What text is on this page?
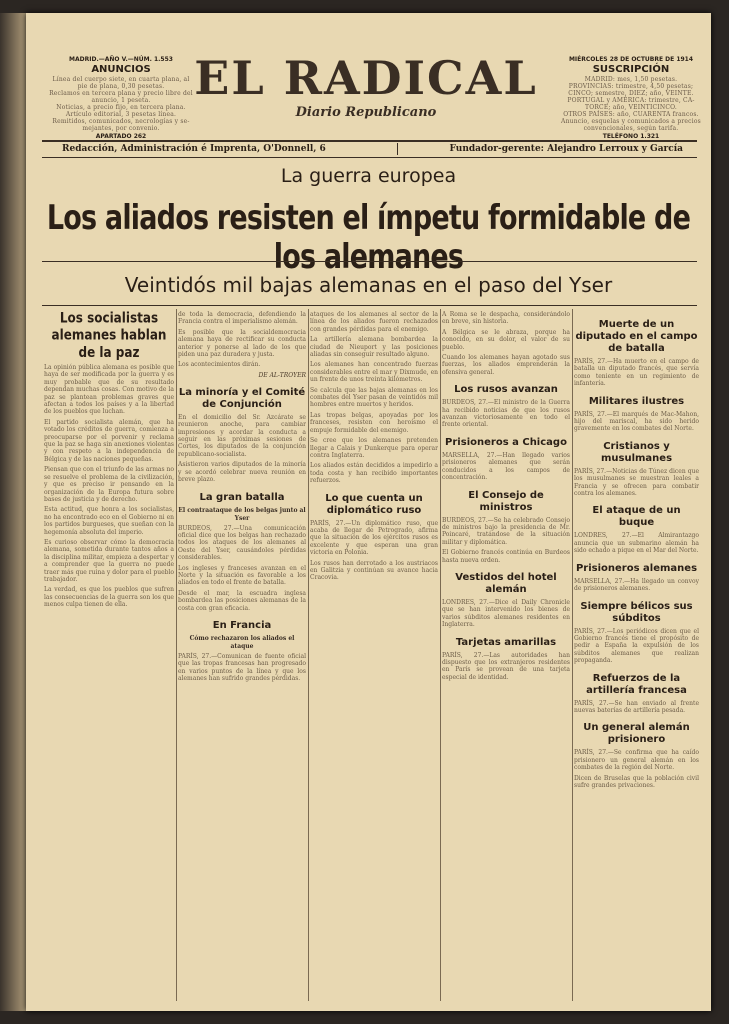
MADRID.—AÑO V.—NÚM. 1.553
ANUNCIOS
Línea del cuerpo siete, en cuarta plana, al
pie de plana, 0,30 pesetas.
Reclamos en tercera plana y precio libre del
anuncio, 1 peseta.
Noticias, a precio fijo, en tercera plana.
Artículo editorial, 3 pesetas línea.
Remitidos, comunicados, necrologías y se-
mejantes, por convenio.
APARTADO 262
EL RADICAL
Diario Republicano
MIÉRCOLES 28 DE OCTUBRE DE 1914
SUSCRIPCIÓN
MADRID: mes, 1,50 pesetas.
PROVINCIAS: trimestre, 4,50 pesetas;
CINCO; semestre, DIEZ; año, VEINTE.
PORTUGAL y AMÉRICA: trimestre, CA-
TORCE; año, VEINTICINCO.
OTROS PAÍSES: año, CUARENTA francos.
Anuncio, esquelas y comunicados a precios
convencionales, según tarifa.
TELÉFONO 1.321
Redacción, Administración é Imprenta, O'Donnell, 6	Fundador-gerente: Alejandro Lerroux y García
La guerra europea
Los aliados resisten el ímpetu formidable de los alemanes
Veintidós mil bajas alemanas en el paso del Yser
Los socialistas alemanes hablan de la paz

La opinión pública alemana es posible que haya de ser modificada por la guerra y es muy probable que de su resultado dependan muchas cosas. Con motivo de la paz se plantean problemas graves que afectan a todos los países y a la libertad de los pueblos que luchan.

El partido socialista alemán, que ha votado los créditos de guerra, comienza a preocuparse por el porvenir y reclama que la paz se haga sin anexiones violentas y con respeto a la independencia de Bélgica y de las naciones pequeñas.

Piensan que con el triunfo de las armas no se resuelve el problema de la civilización, y que es preciso ir pensando en la organización de la Europa futura sobre bases de justicia y de derecho.

Esta actitud, que honra a los socialistas, no ha encontrado eco en el Gobierno ni en los partidos burgueses, que sueñan con la hegemonía absoluta del imperio.

Es curioso observar cómo la democracia alemana, sometida durante tantos años a la disciplina militar, empieza a despertar y a comprender que la guerra no puede traer más que ruina y dolor para el pueblo trabajador.

La verdad, es que los pueblos que sufren las consecuencias de la guerra son los que menos culpa tienen de ella.

de toda la democracia, defendiendo la Francia contra el imperialismo alemán.

Es posible que la socialdemocracia alemana haya de rectificar su conducta anterior y ponerse al lado de los que piden una paz duradera y justa.

Los acontecimientos dirán.

DE AL-TROYER
La minoría y el Comité de Conjunción

En el domicilio del Sr. Azcárate se reunieron anoche, para cambiar impresiones y acordar la conducta a seguir en las próximas sesiones de Cortes, los diputados de la conjunción republicano-socialista.

Asistieron varios diputados de la minoría y se acordó celebrar nueva reunión en breve plazo.

La gran batalla
El contraataque de los belgas junto al Yser

BURDEOS, 27.—Una comunicación oficial dice que los belgas han rechazado todos los ataques de los alemanes al Oeste del Yser, causándoles pérdidas considerables.

Los ingleses y franceses avanzan en el Norte y la situación es favorable a los aliados en todo el frente de batalla.

Desde el mar, la escuadra inglesa bombardea las posiciones alemanas de la costa con gran eficacia.

En Francia
Cómo rechazaron los aliados el ataque

PARÍS, 27.—Comunican de fuente oficial que las tropas francesas han progresado en varios puntos de la línea y que los alemanes han sufrido grandes pérdidas.

ataques de los alemanes al sector de la línea de los aliados fueron rechazados con grandes pérdidas para el enemigo.

La artillería alemana bombardea la ciudad de Nieuport y las posiciones aliadas sin conseguir resultado alguno.

Los alemanes han concentrado fuerzas considerables entre el mar y Dixmude, en un frente de unos treinta kilómetros.

Se calcula que las bajas alemanas en los combates del Yser pasan de veintidós mil hombres entre muertos y heridos.

Las tropas belgas, apoyadas por los franceses, resisten con heroísmo el empuje formidable del enemigo.

Se cree que los alemanes pretenden llegar a Calais y Dunkerque para operar contra Inglaterra.

Los aliados están decididos a impedirlo a toda costa y han recibido importantes refuerzos.

Lo que cuenta un diplomático ruso

PARÍS, 27.—Un diplomático ruso, que acaba de llegar de Petrogrado, afirma que la situación de los ejércitos rusos es excelente y que esperan una gran victoria en Polonia.

Los rusos han derrotado a los austriacos en Galitzia y continúan su avance hacia Cracovia.

A Roma se le despacha, considerándolo en breve, sin historia.

A Bélgica se le abraza, porque ha conocido, en su dolor, el valor de su pueblo.

Cuando los alemanes hayan agotado sus fuerzas, los aliados emprenderán la ofensiva general.

Los rusos avanzan

BURDEOS, 27.—El ministro de la Guerra ha recibido noticias de que los rusos avanzan victoriosamente en todo el frente oriental.

Prisioneros a Chicago

MARSELLA, 27.—Han llegado varios prisioneros alemanes que serán conducidos a los campos de concentración.

El Consejo de ministros

BURDEOS, 27.—Se ha celebrado Consejo de ministros bajo la presidencia de Mr. Poincaré, tratándose de la situación militar y diplomática.

El Gobierno francés continúa en Burdeos hasta nueva orden.

Vestidos del hotel alemán

LONDRES, 27.—Dice el Daily Chronicle que se han intervenido los bienes de varios súbditos alemanes residentes en Inglaterra.

Tarjetas amarillas

PARÍS, 27.—Las autoridades han dispuesto que los extranjeros residentes en París se provean de una tarjeta especial de identidad.

Muerte de un diputado en el campo de batalla

PARÍS, 27.—Ha muerto en el campo de batalla un diputado francés, que servía como teniente en un regimiento de infantería.

Militares ilustres

PARÍS, 27.—El marqués de Mac-Mahon, hijo del mariscal, ha sido herido gravemente en los combates del Norte.

Cristianos y musulmanes

PARÍS, 27.—Noticias de Túnez dicen que los musulmanes se muestran leales a Francia y se ofrecen para combatir contra los alemanes.

El ataque de un buque

LONDRES, 27.—El Almirantazgo anuncia que un submarino alemán ha sido echado a pique en el Mar del Norte.

Prisioneros alemanes

MARSELLA, 27.—Ha llegado un convoy de prisioneros alemanes.

Siempre bélicos sus súbditos

PARÍS, 27.—Los periódicos dicen que el Gobierno francés tiene el propósito de pedir a España la expulsión de los súbditos alemanes que realizan propaganda.

Refuerzos de la artillería francesa

PARÍS, 27.—Se han enviado al frente nuevas baterías de artillería pesada.

Un general alemán prisionero

PARÍS, 27.—Se confirma que ha caído prisionero un general alemán en los combates de la región del Norte.

Dicen de Bruselas que la población civil sufre grandes privaciones.
